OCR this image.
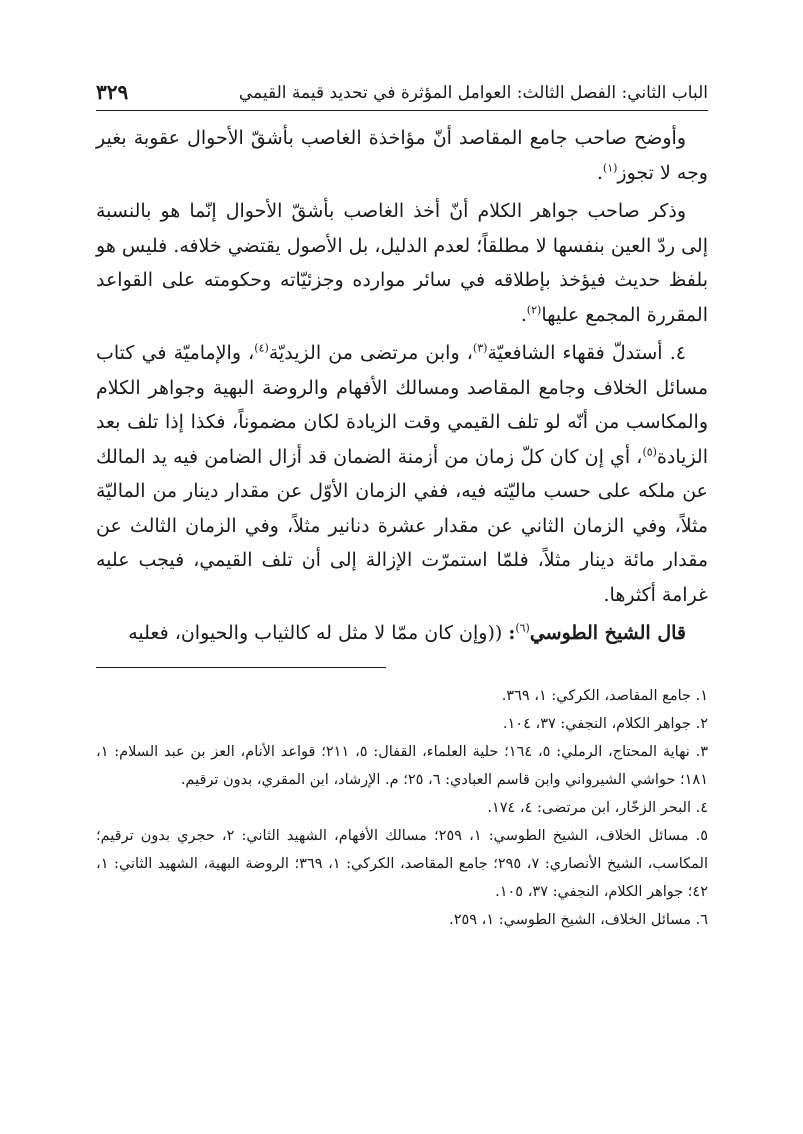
الباب الثاني: الفصل الثالث: العوامل المؤثرة في تحديد قيمة القيمي
٣٢٩

وأوضح صاحب جامع المقاصد أنّ مؤاخذة الغاصب بأشقّ الأحوال عقوبة بغير وجه لا تجوز$^{(١)}$.

وذكر صاحب جواهر الكلام أنّ أخذ الغاصب بأشقّ الأحوال إنّما هو بالنسبة إلى ردّ العين بنفسها لا مطلقاً؛ لعدم الدليل، بل الأصول يقتضي خلافه. فليس هو بلفظ حديث فيؤخذ بإطلاقه في سائر موارده وجزئيّاته وحكومته على القواعد المقررة المجمع عليها$^{(٢)}$.

٤. أستدلّ فقهاء الشافعيّة$^{(٣)}$، وابن مرتضى من الزيديّة$^{(٤)}$، والإماميّة في كتاب مسائل الخلاف وجامع المقاصد ومسالك الأفهام والروضة البهية وجواهر الكلام والمكاسب من أنّه لو تلف القيمي وقت الزيادة لكان مضموناً، فكذا إذا تلف بعد الزيادة$^{(٥)}$، أي إن كان كلّ زمان من أزمنة الضمان قد أزال الضامن فيه يد المالك عن ملكه على حسب ماليّته فيه، ففي الزمان الأوّل عن مقدار دينار من الماليّة مثلاً، وفي الزمان الثاني عن مقدار عشرة دنانير مثلاً، وفي الزمان الثالث عن مقدار مائة دينار مثلاً، فلمّا استمرّت الإزالة إلى أن تلف القيمي، فيجب عليه غرامة أكثرها.

قال الشيخ الطوسي$^{(٦)}$: ((وإن كان ممّا لا مثل له كالثياب والحيوان، فعليه

١. جامع المقاصد، الكركي: ١، ٣٦٩.

٢. جواهر الكلام، النجفي: ٣٧، ١٠٤.

٣. نهاية المحتاج، الرملي: ٥، ١٦٤؛ حلية العلماء، القفال: ٥، ٢١١؛ قواعد الأنام، العز بن عبد السلام: ١، ١٨١؛ حواشي الشيرواني وابن قاسم العبادي: ٦، ٢٥؛ م. الإرشاد، ابن المقري، بدون ترقيم.

٤. البحر الزخّار، ابن مرتضى: ٤، ١٧٤.

٥. مسائل الخلاف، الشيخ الطوسي: ١، ٢٥٩؛ مسالك الأفهام، الشهيد الثاني: ٢، حجري بدون ترقيم؛ المكاسب، الشيخ الأنصاري: ٧، ٢٩٥؛ جامع المقاصد، الكركي: ١، ٣٦٩؛ الروضة البهية، الشهيد الثاني: ١، ٤٢؛ جواهر الكلام، النجفي: ٣٧، ١٠٥.

٦. مسائل الخلاف، الشيخ الطوسي: ١، ٢٥٩.
